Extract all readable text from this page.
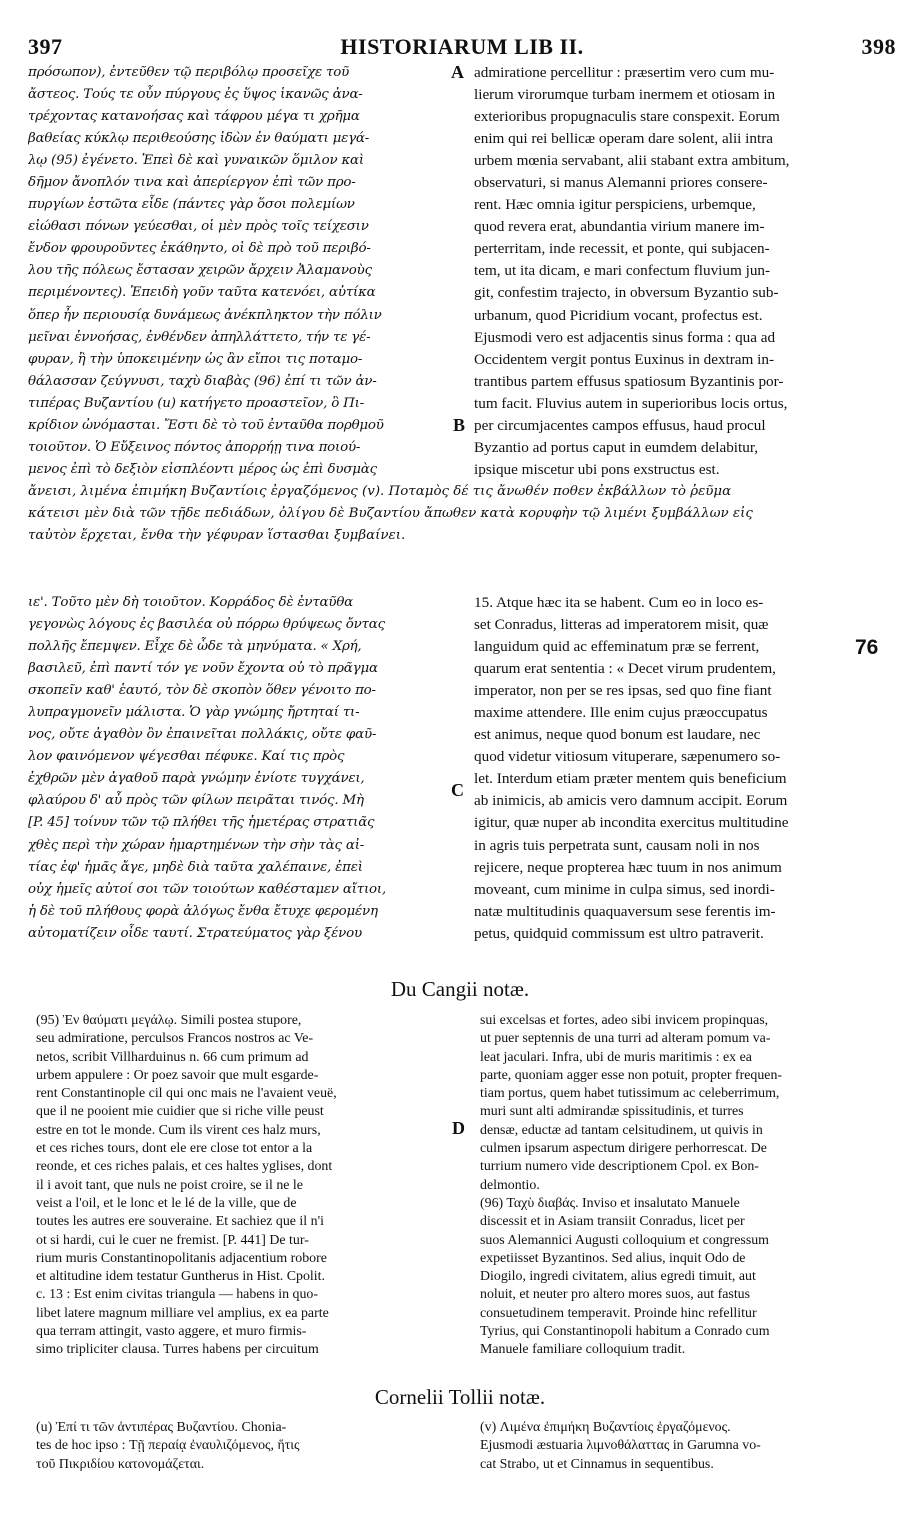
397	HISTORIARUM LIB II.	398
πρόσωπον), ἐντεῦθεν τῷ περιβόλῳ προσεῖχε τοῦ
ἄστεος. Τούς τε οὖν πύργους ἐς ὕψος ἱκανῶς ἀνα-
τρέχοντας κατανοήσας καὶ τάφρου μέγα τι χρῆμα
βαθείας κύκλῳ περιθεούσης ἰδὼν ἐν θαύματι μεγά-
λῳ (95) ἐγένετο. Ἐπεὶ δὲ καὶ γυναικῶν ὅμιλον καὶ
δῆμον ἄνοπλόν τινα καὶ ἀπερίεργον ἐπὶ τῶν προ-
πυργίων ἑστῶτα εἶδε (πάντες γὰρ ὅσοι πολεμίων
εἰώθασι πόνων γεύεσθαι, οἱ μὲν πρὸς τοῖς τείχεσιν
ἔνδον φρουροῦντες ἐκάθηντο, οἱ δὲ πρὸ τοῦ περιβό-
λου τῆς πόλεως ἔστασαν χειρῶν ἄρχειν Ἀλαμανοὺς
περιμένοντες). Ἐπειδὴ γοῦν ταῦτα κατενόει, αὐτίκα
ὅπερ ἦν περιουσίᾳ δυνάμεως ἀνέκπληκτον τὴν πόλιν
μεῖναι ἐννοήσας, ἐνθένδεν ἀπηλλάττετο, τήν τε γέ-
φυραν, ἢ τὴν ὑποκειμένην ὡς ἂν εἴποι τις ποταμο-
θάλασσαν ζεύγνυσι, ταχὺ διαβὰς (96) ἐπί τι τῶν ἀν-
τιπέρας Βυζαντίου (u) κατήγετο προαστεῖον, ὃ Πι-
κρίδιον ὠνόμασται. Ἔστι δὲ τὸ τοῦ ἐνταῦθα πορθμοῦ
τοιοῦτον. Ὁ Εὔξεινος πόντος ἀπορρήῃ τινα ποιού-
μενος ἐπὶ τὸ δεξιὸν εἰσπλέοντι μέρος ὡς ἐπὶ δυσμὰς
admiratione percellitur : præsertim vero cum mu-
lierum virorumque turbam inermem et otiosam in
exterioribus propugnaculis stare conspexit. Eorum
enim qui rei bellicæ operam dare solent, alii intra
urbem mœnia servabant, alii stabant extra ambitum,
observaturi, si manus Alemanni priores consere-
rent. Hæc omnia igitur perspiciens, urbemque,
quod revera erat, abundantia virium manere im-
perterritam, inde recessit, et ponte, qui subjacen-
tem, ut ita dicam, e mari confectum fluvium jun-
git, confestim trajecto, in obversum Byzantio sub-
urbanum, quod Picridium vocant, profectus est.
Ejusmodi vero est adjacentis sinus forma : qua ad
Occidentem vergit pontus Euxinus in dextram in-
trantibus partem effusus spatiosum Byzantinis por-
tum facit. Fluvius autem in superioribus locis ortus,
per circumjacentes campos effusus, haud procul
Byzantio ad portus caput in eumdem delabitur,
ipsique miscetur ubi pons exstructus est.
A
B
ἄνεισι, λιμένα ἐπιμήκη Βυζαντίοις ἐργαζόμενος (v). Ποταμὸς δέ τις ἄνωθέν ποθεν ἐκβάλλων τὸ ῥεῦμα
κάτεισι μὲν διὰ τῶν τῇδε πεδιάδων, ὀλίγου δὲ Βυζαντίου ἄπωθεν κατὰ κορυφὴν τῷ λιμένι ξυμβάλλων εἰς
ταὐτὸν ἔρχεται, ἔνθα τὴν γέφυραν ἵστασθαι ξυμβαίνει.
ιε'. Τοῦτο μὲν δὴ τοιοῦτον. Κορράδος δὲ ἐνταῦθα
γεγονὼς λόγους ἐς βασιλέα οὐ πόρρω θρύψεως ὄντας
πολλῆς ἔπεμψεν. Εἶχε δὲ ὧδε τὰ μηνύματα. « Χρή,
βασιλεῦ, ἐπὶ παντί τόν γε νοῦν ἔχοντα οὐ τὸ πρᾶγμα
σκοπεῖν καθ' ἑαυτό, τὸν δὲ σκοπὸν ὅθεν γένοιτο πο-
λυπραγμονεῖν μάλιστα. Ὁ γὰρ γνώμης ἤρτηταί τι-
νος, οὔτε ἀγαθὸν ὂν ἐπαινεῖται πολλάκις, οὔτε φαῦ-
λον φαινόμενον ψέγεσθαι πέφυκε. Καί τις πρὸς
ἐχθρῶν μὲν ἀγαθοῦ παρὰ γνώμην ἐνίοτε τυγχάνει,
φλαύρου δ' αὖ πρὸς τῶν φίλων πειρᾶται τινός. Μὴ
[P. 45] τοίνυν τῶν τῷ πλήθει τῆς ἡμετέρας στρατιᾶς
χθὲς περὶ τὴν χώραν ἡμαρτημένων τὴν σὴν τὰς αἰ-
τίας ἐφ' ἡμᾶς ἄγε, μηδὲ διὰ ταῦτα χαλέπαινε, ἐπεὶ
οὐχ ἡμεῖς αὐτοί σοι τῶν τοιούτων καθέσταμεν αἴτιοι,
ἡ δὲ τοῦ πλήθους φορὰ ἀλόγως ἔνθα ἔτυχε φερομένη
αὐτοματίζειν οἶδε ταυτί. Στρατεύματος γὰρ ξένου
15. Atque hæc ita se habent. Cum eo in loco es-
set Conradus, litteras ad imperatorem misit, quæ
languidum quid ac effeminatum præ se ferrent,
quarum erat sententia : « Decet virum prudentem,
imperator, non per se res ipsas, sed quo fine fiant
maxime attendere. Ille enim cujus præoccupatus
est animus, neque quod bonum est laudare, nec
quod videtur vitiosum vituperare, sæpenumero so-
let. Interdum etiam præter mentem quis beneficium
ab inimicis, ab amicis vero damnum accipit. Eorum
igitur, quæ nuper ab incondita exercitus multitudine
in agris tuis perpetrata sunt, causam noli in nos
rejicere, neque propterea hæc tuum in nos animum
moveant, cum minime in culpa simus, sed inordi-
natæ multitudinis quaquaversum sese ferentis im-
petus, quidquid commissum est ultro patraverit.
C
76
Du Cangii notæ.
(95) Ἐν θαύματι μεγάλῳ. Simili postea stupore,
seu admiratione, perculsos Francos nostros ac Ve-
netos, scribit Villharduinus n. 66 cum primum ad
urbem appulere : Or poez savoir que mult esgarde-
rent Constantinople cil qui onc mais ne l'avaient veuë,
que il ne pooient mie cuidier que si riche ville peust
estre en tot le monde. Cum ils virent ces halz murs,
et ces riches tours, dont ele ere close tot entor a la
reonde, et ces riches palais, et ces haltes yglises, dont
il i avoit tant, que nuls ne poist croire, se il ne le
veist a l'oil, et le lonc et le lé de la ville, que de
toutes les autres ere souveraine. Et sachiez que il n'i
ot si hardi, cui le cuer ne fremist. [P. 441] De tur-
rium muris Constantinopolitanis adjacentium robore
et altitudine idem testatur Guntherus in Hist. Cpolit.
c. 13 : Est enim civitas triangula — habens in quo-
libet latere magnum milliare vel amplius, ex ea parte
qua terram attingit, vasto aggere, et muro firmis-
simo tripliciter clausa. Turres habens per circuitum
sui excelsas et fortes, adeo sibi invicem propinquas,
ut puer septennis de una turri ad alteram pomum va-
leat jaculari. Infra, ubi de muris maritimis : ex ea
parte, quoniam agger esse non potuit, propter frequen-
tiam portus, quem habet tutissimum ac celeberrimum,
muri sunt alti admirandæ spissitudinis, et turres
densæ, eductæ ad tantam celsitudinem, ut quivis in
culmen ipsarum aspectum dirigere perhorrescat. De
turrium numero vide descriptionem Cpol. ex Bon-
delmontio.
(96) Ταχὺ διαβάς. Inviso et insalutato Manuele
discessit et in Asiam transiit Conradus, licet per
suos Alemannici Augusti colloquium et congressum
expetiisset Byzantinos. Sed alius, inquit Odo de
Diogilo, ingredi civitatem, alius egredi timuit, aut
noluit, et neuter pro altero mores suos, aut fastus
consuetudinem temperavit. Proinde hinc refellitur
Tyrius, qui Constantinopoli habitum a Conrado cum
Manuele familiare colloquium tradit.
D
Cornelii Tollii notæ.
(u) Ἐπί τι τῶν ἀντιπέρας Βυζαντίου. Chonia-
tes de hoc ipso : Τῇ περαίᾳ ἐναυλιζόμενος, ἥτις
τοῦ Πικριδίου κατονομάζεται.
(v) Λιμένα ἐπιμήκη Βυζαντίοις ἐργαζόμενος.
Ejusmodi æstuaria λιμνοθάλαττας in Garumna vo-
cat Strabo, ut et Cinnamus in sequentibus.
